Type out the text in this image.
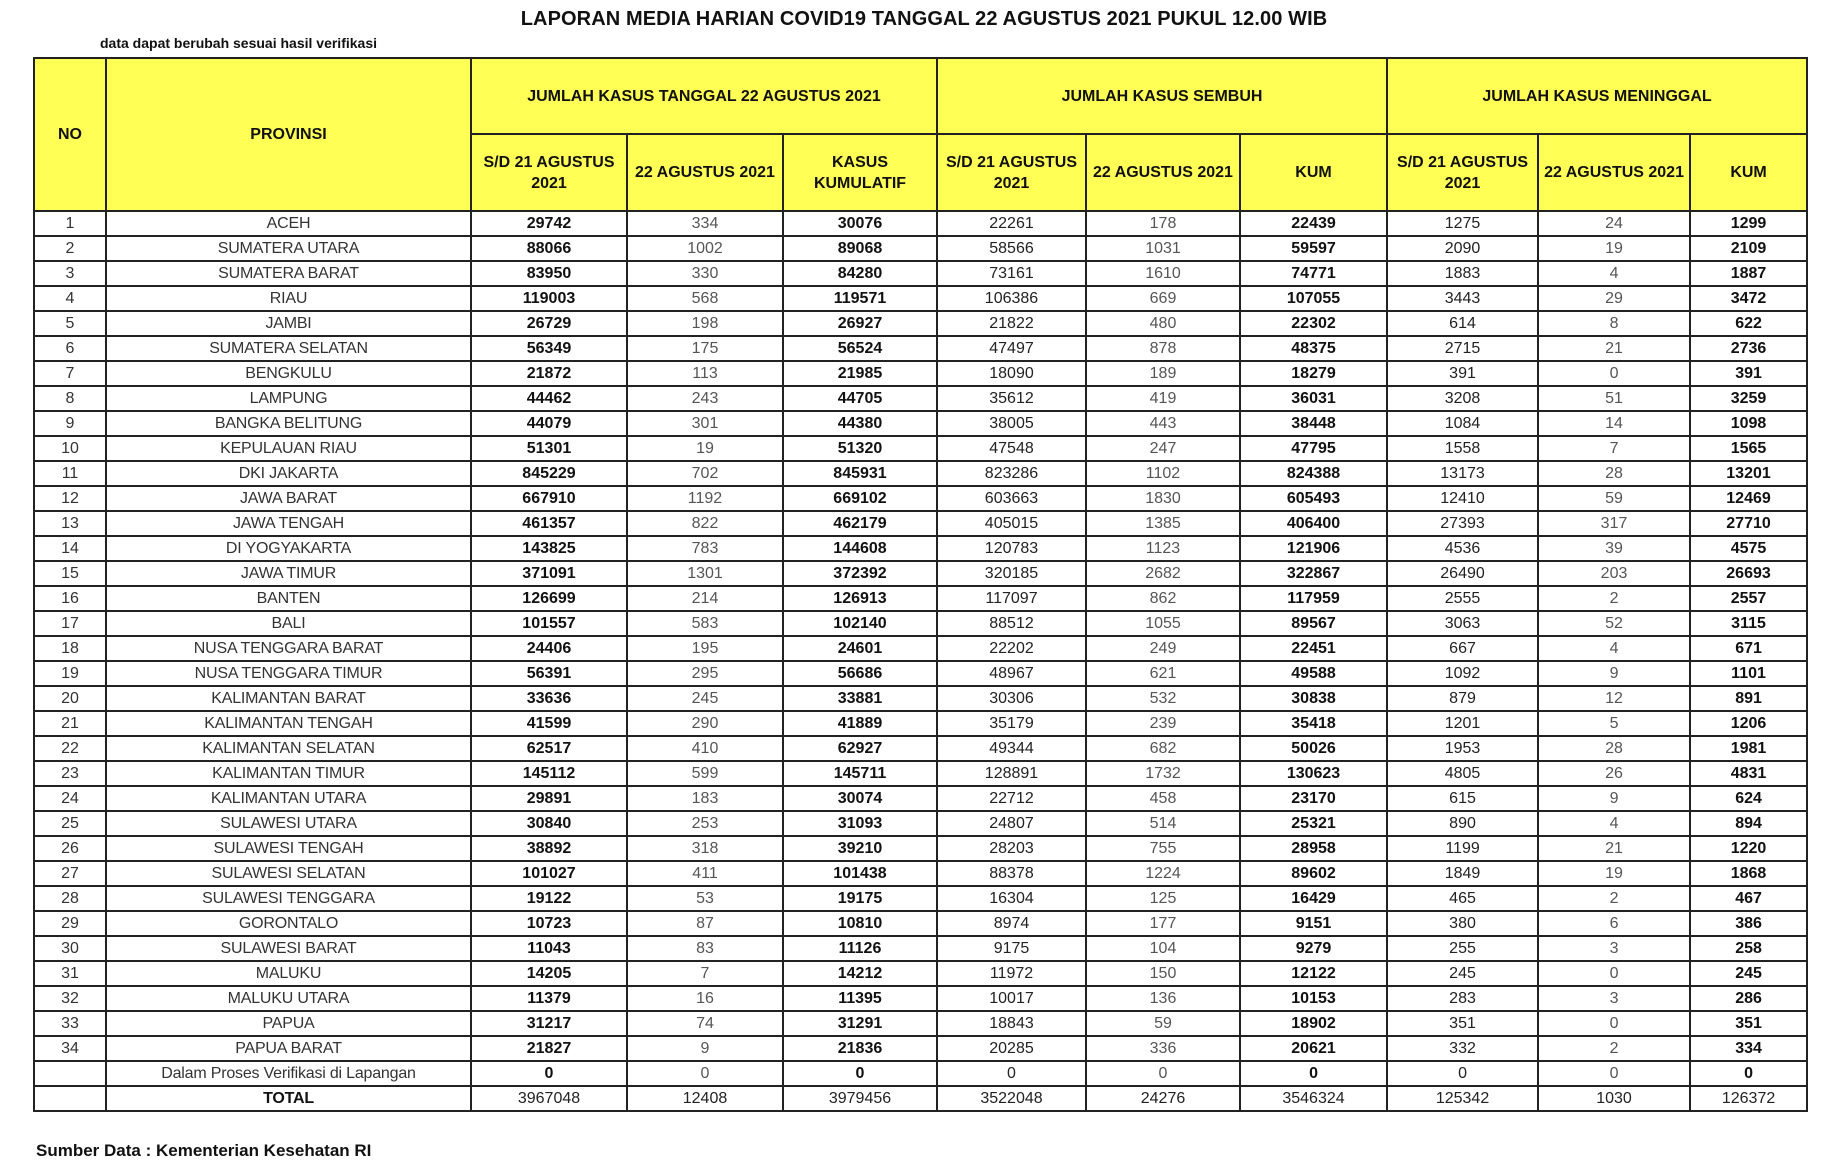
LAPORAN MEDIA HARIAN COVID19 TANGGAL 22 AGUSTUS 2021 PUKUL 12.00 WIB
data dapat berubah sesuai hasil verifikasi
NO	PROVINSI	JUMLAH KASUS TANGGAL 22 AGUSTUS 2021			JUMLAH KASUS SEMBUH			JUMLAH KASUS MENINGGAL		
		S/D 21 AGUSTUS 2021	22 AGUSTUS 2021	KASUS KUMULATIF	S/D 21 AGUSTUS 2021	22 AGUSTUS 2021	KUM	S/D 21 AGUSTUS 2021	22 AGUSTUS 2021	KUM
1	ACEH	29742	334	30076	22261	178	22439	1275	24	1299
2	SUMATERA UTARA	88066	1002	89068	58566	1031	59597	2090	19	2109
3	SUMATERA BARAT	83950	330	84280	73161	1610	74771	1883	4	1887
4	RIAU	119003	568	119571	106386	669	107055	3443	29	3472
5	JAMBI	26729	198	26927	21822	480	22302	614	8	622
6	SUMATERA SELATAN	56349	175	56524	47497	878	48375	2715	21	2736
7	BENGKULU	21872	113	21985	18090	189	18279	391	0	391
8	LAMPUNG	44462	243	44705	35612	419	36031	3208	51	3259
9	BANGKA BELITUNG	44079	301	44380	38005	443	38448	1084	14	1098
10	KEPULAUAN RIAU	51301	19	51320	47548	247	47795	1558	7	1565
11	DKI JAKARTA	845229	702	845931	823286	1102	824388	13173	28	13201
12	JAWA BARAT	667910	1192	669102	603663	1830	605493	12410	59	12469
13	JAWA TENGAH	461357	822	462179	405015	1385	406400	27393	317	27710
14	DI YOGYAKARTA	143825	783	144608	120783	1123	121906	4536	39	4575
15	JAWA TIMUR	371091	1301	372392	320185	2682	322867	26490	203	26693
16	BANTEN	126699	214	126913	117097	862	117959	2555	2	2557
17	BALI	101557	583	102140	88512	1055	89567	3063	52	3115
18	NUSA TENGGARA BARAT	24406	195	24601	22202	249	22451	667	4	671
19	NUSA TENGGARA TIMUR	56391	295	56686	48967	621	49588	1092	9	1101
20	KALIMANTAN BARAT	33636	245	33881	30306	532	30838	879	12	891
21	KALIMANTAN TENGAH	41599	290	41889	35179	239	35418	1201	5	1206
22	KALIMANTAN SELATAN	62517	410	62927	49344	682	50026	1953	28	1981
23	KALIMANTAN TIMUR	145112	599	145711	128891	1732	130623	4805	26	4831
24	KALIMANTAN UTARA	29891	183	30074	22712	458	23170	615	9	624
25	SULAWESI UTARA	30840	253	31093	24807	514	25321	890	4	894
26	SULAWESI TENGAH	38892	318	39210	28203	755	28958	1199	21	1220
27	SULAWESI SELATAN	101027	411	101438	88378	1224	89602	1849	19	1868
28	SULAWESI TENGGARA	19122	53	19175	16304	125	16429	465	2	467
29	GORONTALO	10723	87	10810	8974	177	9151	380	6	386
30	SULAWESI BARAT	11043	83	11126	9175	104	9279	255	3	258
31	MALUKU	14205	7	14212	11972	150	12122	245	0	245
32	MALUKU UTARA	11379	16	11395	10017	136	10153	283	3	286
33	PAPUA	31217	74	31291	18843	59	18902	351	0	351
34	PAPUA BARAT	21827	9	21836	20285	336	20621	332	2	334
	Dalam Proses Verifikasi di Lapangan	0	0	0	0	0	0	0	0	0
	TOTAL	3967048	12408	3979456	3522048	24276	3546324	125342	1030	126372
Sumber Data : Kementerian Kesehatan RI
